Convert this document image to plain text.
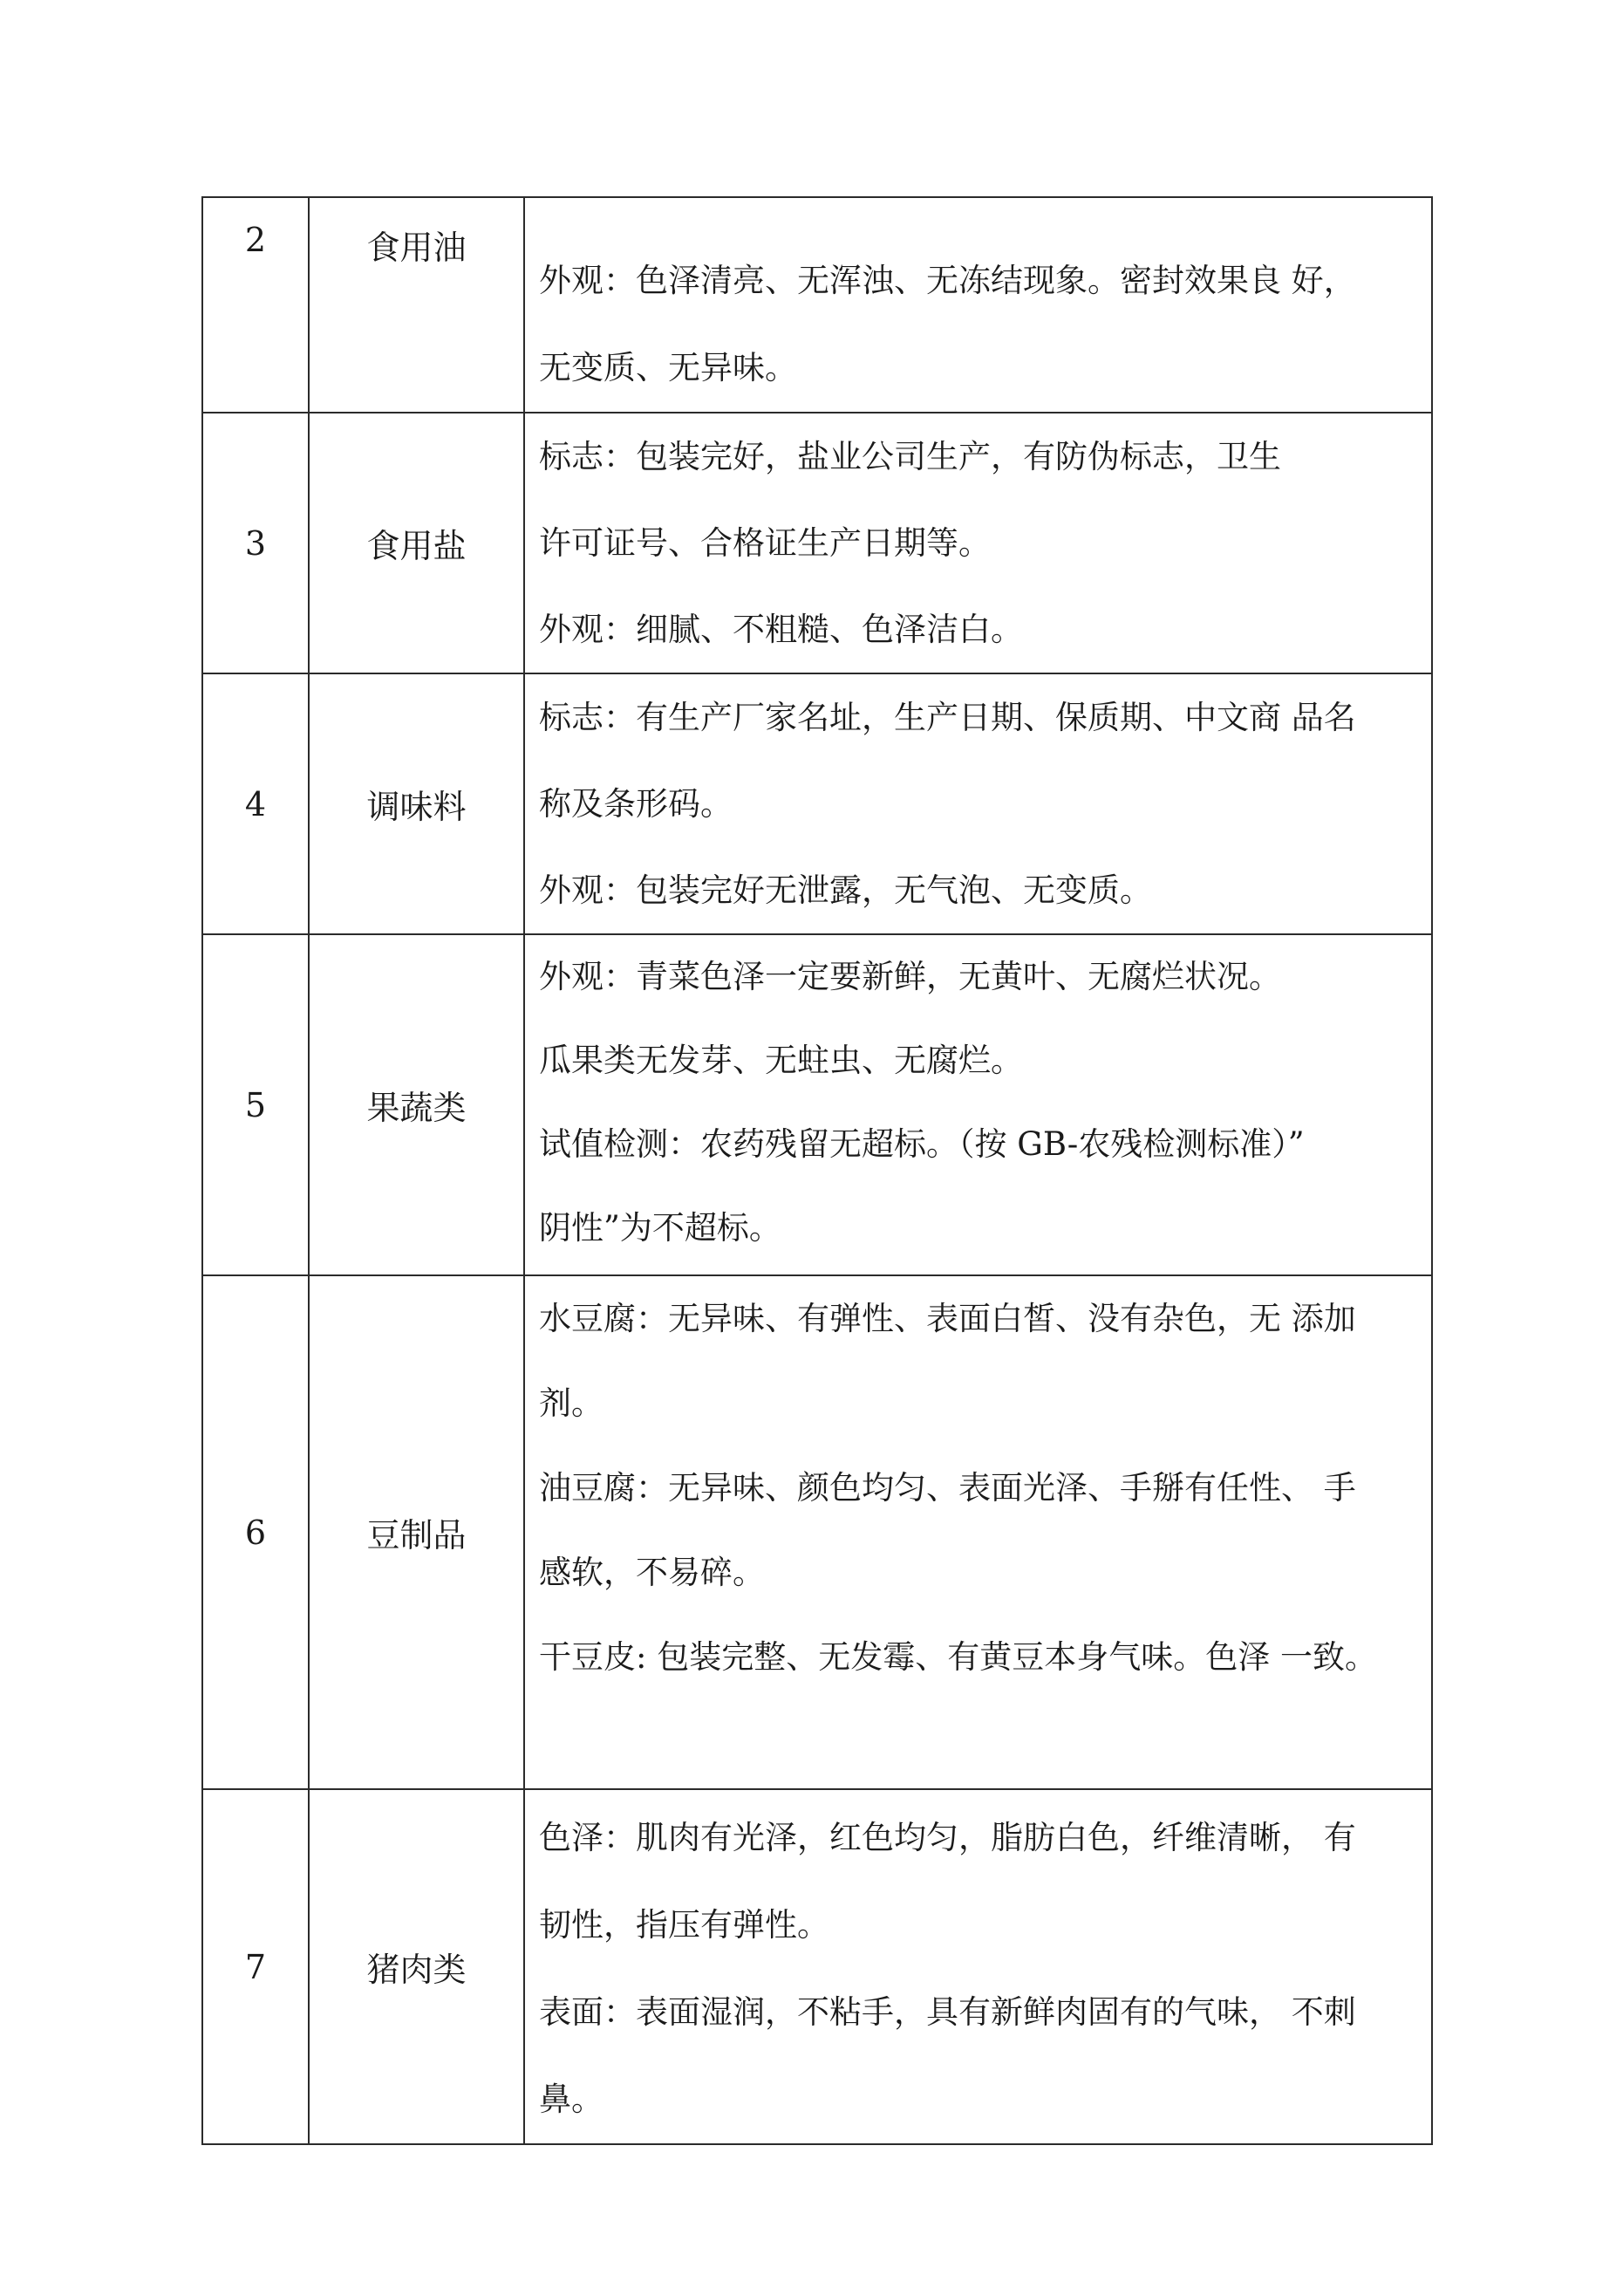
2	食用油	外观：色泽清亮、无浑浊、无冻结现象。密封效果良 好，
无变质、无异味。

3	食用盐	标志：包装完好，盐业公司生产，有防伪标志，卫生
许可证号、合格证生产日期等。
外观：细腻、不粗糙、色泽洁白。

4	调味料	标志：有生产厂家名址，生产日期、保质期、中文商 品名
称及条形码。
外观：包装完好无泄露，无气泡、无变质。

5	果蔬类	外观：青菜色泽一定要新鲜，无黄叶、无腐烂状况。
瓜果类无发芽、无蛀虫、无腐烂。
试值检测：农药残留无超标。（按 GB-农残检测标准）”
阴性”为不超标。

6	豆制品	水豆腐：无异味、有弹性、表面白皙、没有杂色，无 添加
剂。
油豆腐：无异味、颜色均匀、表面光泽、手掰有任性、 手
感软，不易碎。
干豆皮: 包装完整、无发霉、有黄豆本身气味。色泽 一致。

7	猪肉类	色泽：肌肉有光泽，红色均匀，脂肪白色，纤维清晰， 有
韧性，指压有弹性。
表面：表面湿润，不粘手，具有新鲜肉固有的气味， 不刺
鼻。
